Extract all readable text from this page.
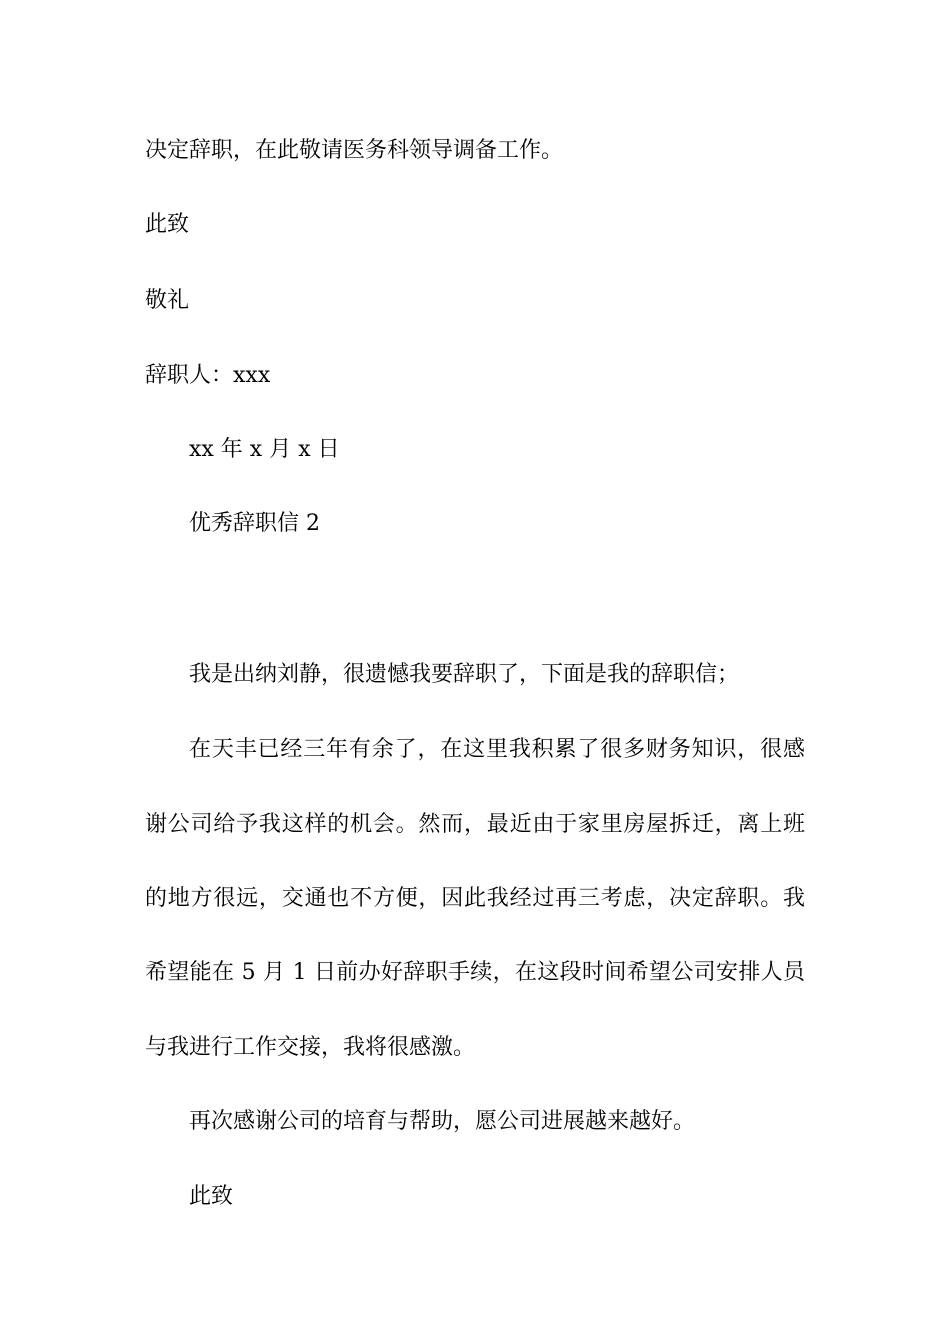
决定辞职，在此敬请医务科领导调备工作。

此致

敬礼

辞职人：xxx

xx 年 x 月 x 日

优秀辞职信 2

我是出纳刘静，很遗憾我要辞职了，下面是我的辞职信；

在天丰已经三年有余了，在这里我积累了很多财务知识，很感

谢公司给予我这样的机会。然而，最近由于家里房屋拆迁，离上班

的地方很远，交通也不方便，因此我经过再三考虑，决定辞职。我

希望能在 5 月 1 日前办好辞职手续，在这段时间希望公司安排人员

与我进行工作交接，我将很感激。

再次感谢公司的培育与帮助，愿公司进展越来越好。

此致
